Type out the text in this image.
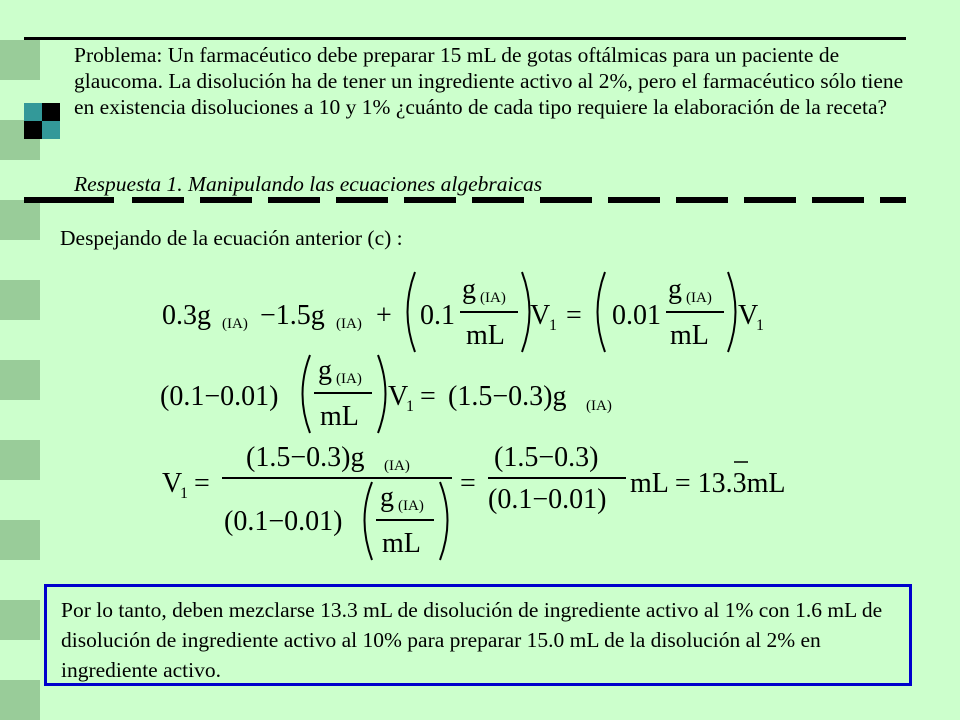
Problema: Un farmacéutico debe preparar 15 mL de gotas oftálmicas para un paciente de glaucoma. La disolución ha de tener un ingrediente activo al 2%, pero el farmacéutico sólo tiene en existencia disoluciones a 10 y 1% ¿cuánto de cada tipo requiere la elaboración de la receta?
Respuesta 1. Manipulando las ecuaciones algebraicas
Despejando de la ecuación anterior (c) :
0.3g (IA) −1.5g (IA) + 0.1
g (IA)
mL
V
1 = 0.01
g (IA)
mL
V
1
(0.1−0.01)
g (IA)
mL
V
1 = (1.5−0.3)g (IA)
V
1 =
(1.5−0.3)g (IA)
(0.1−0.01)
g (IA)
mL
=
(1.5−0.3)
(0.1−0.01)
mL = 13.3mL
Por lo tanto, deben mezclarse 13.3 mL de disolución de ingrediente activo al 1% con 1.6 mL de disolución de ingrediente activo al 10% para preparar 15.0 mL de la disolución al 2% en ingrediente activo.
